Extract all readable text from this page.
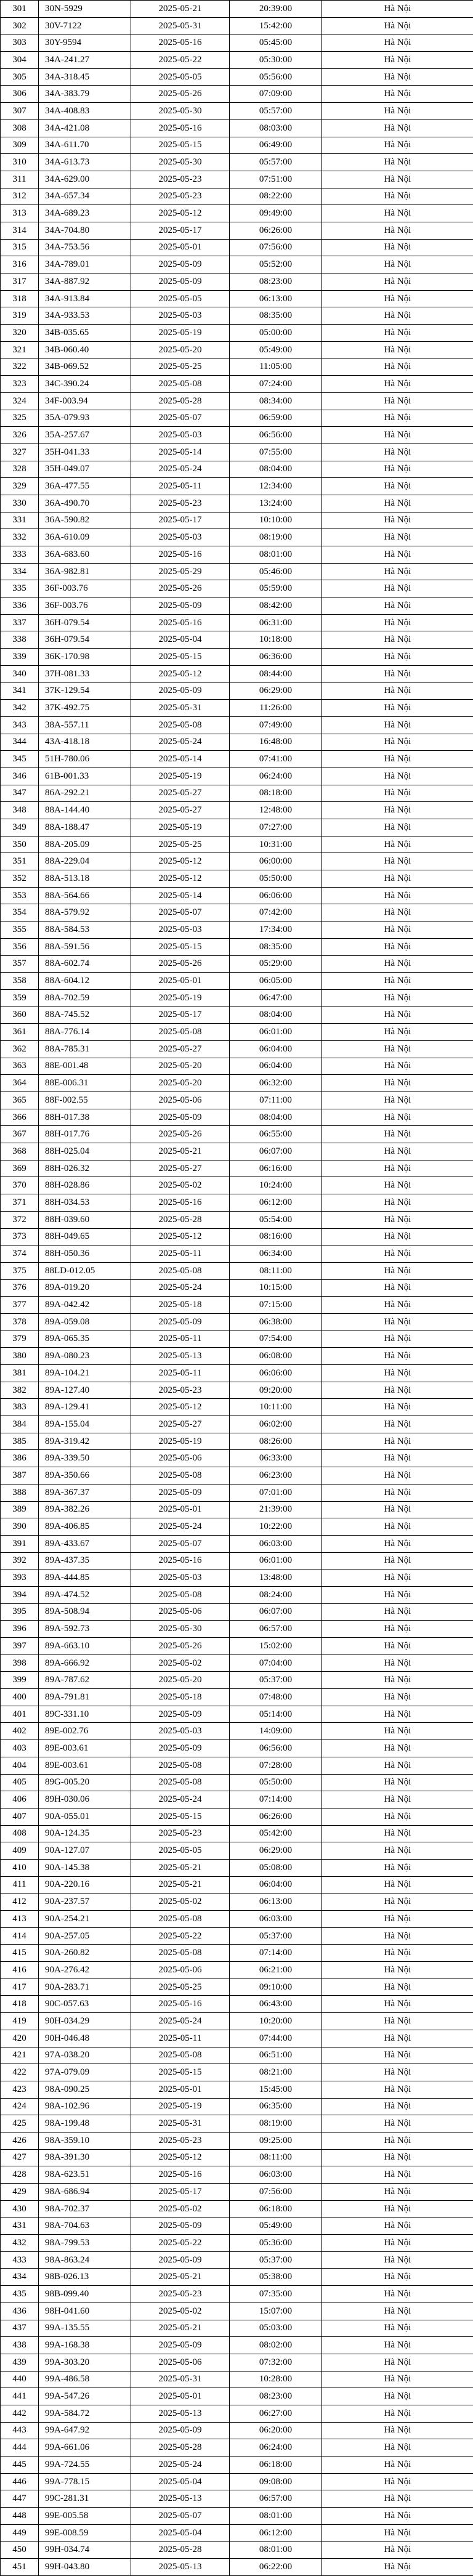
301	30N-5929	2025-05-21	20:39:00	Hà Nội
302	30V-7122	2025-05-31	15:42:00	Hà Nội
303	30Y-9594	2025-05-16	05:45:00	Hà Nội
304	34A-241.27	2025-05-22	05:30:00	Hà Nội
305	34A-318.45	2025-05-05	05:56:00	Hà Nội
306	34A-383.79	2025-05-26	07:09:00	Hà Nội
307	34A-408.83	2025-05-30	05:57:00	Hà Nội
308	34A-421.08	2025-05-16	08:03:00	Hà Nội
309	34A-611.70	2025-05-15	06:49:00	Hà Nội
310	34A-613.73	2025-05-30	05:57:00	Hà Nội
311	34A-629.00	2025-05-23	07:51:00	Hà Nội
312	34A-657.34	2025-05-23	08:22:00	Hà Nội
313	34A-689.23	2025-05-12	09:49:00	Hà Nội
314	34A-704.80	2025-05-17	06:26:00	Hà Nội
315	34A-753.56	2025-05-01	07:56:00	Hà Nội
316	34A-789.01	2025-05-09	05:52:00	Hà Nội
317	34A-887.92	2025-05-09	08:23:00	Hà Nội
318	34A-913.84	2025-05-05	06:13:00	Hà Nội
319	34A-933.53	2025-05-03	08:35:00	Hà Nội
320	34B-035.65	2025-05-19	05:00:00	Hà Nội
321	34B-060.40	2025-05-20	05:49:00	Hà Nội
322	34B-069.52	2025-05-25	11:05:00	Hà Nội
323	34C-390.24	2025-05-08	07:24:00	Hà Nội
324	34F-003.94	2025-05-28	08:34:00	Hà Nội
325	35A-079.93	2025-05-07	06:59:00	Hà Nội
326	35A-257.67	2025-05-03	06:56:00	Hà Nội
327	35H-041.33	2025-05-14	07:55:00	Hà Nội
328	35H-049.07	2025-05-24	08:04:00	Hà Nội
329	36A-477.55	2025-05-11	12:34:00	Hà Nội
330	36A-490.70	2025-05-23	13:24:00	Hà Nội
331	36A-590.82	2025-05-17	10:10:00	Hà Nội
332	36A-610.09	2025-05-03	08:19:00	Hà Nội
333	36A-683.60	2025-05-16	08:01:00	Hà Nội
334	36A-982.81	2025-05-29	05:46:00	Hà Nội
335	36F-003.76	2025-05-26	05:59:00	Hà Nội
336	36F-003.76	2025-05-09	08:42:00	Hà Nội
337	36H-079.54	2025-05-16	06:31:00	Hà Nội
338	36H-079.54	2025-05-04	10:18:00	Hà Nội
339	36K-170.98	2025-05-15	06:36:00	Hà Nội
340	37H-081.33	2025-05-12	08:44:00	Hà Nội
341	37K-129.54	2025-05-09	06:29:00	Hà Nội
342	37K-492.75	2025-05-31	11:26:00	Hà Nội
343	38A-557.11	2025-05-08	07:49:00	Hà Nội
344	43A-418.18	2025-05-24	16:48:00	Hà Nội
345	51H-780.06	2025-05-14	07:41:00	Hà Nội
346	61B-001.33	2025-05-19	06:24:00	Hà Nội
347	86A-292.21	2025-05-27	08:18:00	Hà Nội
348	88A-144.40	2025-05-27	12:48:00	Hà Nội
349	88A-188.47	2025-05-19	07:27:00	Hà Nội
350	88A-205.09	2025-05-25	10:31:00	Hà Nội
351	88A-229.04	2025-05-12	06:00:00	Hà Nội
352	88A-513.18	2025-05-12	05:50:00	Hà Nội
353	88A-564.66	2025-05-14	06:06:00	Hà Nội
354	88A-579.92	2025-05-07	07:42:00	Hà Nội
355	88A-584.53	2025-05-03	17:34:00	Hà Nội
356	88A-591.56	2025-05-15	08:35:00	Hà Nội
357	88A-602.74	2025-05-26	05:29:00	Hà Nội
358	88A-604.12	2025-05-01	06:05:00	Hà Nội
359	88A-702.59	2025-05-19	06:47:00	Hà Nội
360	88A-745.52	2025-05-17	08:04:00	Hà Nội
361	88A-776.14	2025-05-08	06:01:00	Hà Nội
362	88A-785.31	2025-05-27	06:04:00	Hà Nội
363	88E-001.48	2025-05-20	06:04:00	Hà Nội
364	88E-006.31	2025-05-20	06:32:00	Hà Nội
365	88F-002.55	2025-05-06	07:11:00	Hà Nội
366	88H-017.38	2025-05-09	08:04:00	Hà Nội
367	88H-017.76	2025-05-26	06:55:00	Hà Nội
368	88H-025.04	2025-05-21	06:07:00	Hà Nội
369	88H-026.32	2025-05-27	06:16:00	Hà Nội
370	88H-028.86	2025-05-02	10:24:00	Hà Nội
371	88H-034.53	2025-05-16	06:12:00	Hà Nội
372	88H-039.60	2025-05-28	05:54:00	Hà Nội
373	88H-049.65	2025-05-12	08:16:00	Hà Nội
374	88H-050.36	2025-05-11	06:34:00	Hà Nội
375	88LD-012.05	2025-05-08	08:11:00	Hà Nội
376	89A-019.20	2025-05-24	10:15:00	Hà Nội
377	89A-042.42	2025-05-18	07:15:00	Hà Nội
378	89A-059.08	2025-05-09	06:38:00	Hà Nội
379	89A-065.35	2025-05-11	07:54:00	Hà Nội
380	89A-080.23	2025-05-13	06:08:00	Hà Nội
381	89A-104.21	2025-05-11	06:06:00	Hà Nội
382	89A-127.40	2025-05-23	09:20:00	Hà Nội
383	89A-129.41	2025-05-12	10:11:00	Hà Nội
384	89A-155.04	2025-05-27	06:02:00	Hà Nội
385	89A-319.42	2025-05-19	08:26:00	Hà Nội
386	89A-339.50	2025-05-06	06:33:00	Hà Nội
387	89A-350.66	2025-05-08	06:23:00	Hà Nội
388	89A-367.37	2025-05-09	07:01:00	Hà Nội
389	89A-382.26	2025-05-01	21:39:00	Hà Nội
390	89A-406.85	2025-05-24	10:22:00	Hà Nội
391	89A-433.67	2025-05-07	06:03:00	Hà Nội
392	89A-437.35	2025-05-16	06:01:00	Hà Nội
393	89A-444.85	2025-05-03	13:48:00	Hà Nội
394	89A-474.52	2025-05-08	08:24:00	Hà Nội
395	89A-508.94	2025-05-06	06:07:00	Hà Nội
396	89A-592.73	2025-05-30	06:57:00	Hà Nội
397	89A-663.10	2025-05-26	15:02:00	Hà Nội
398	89A-666.92	2025-05-02	07:04:00	Hà Nội
399	89A-787.62	2025-05-20	05:37:00	Hà Nội
400	89A-791.81	2025-05-18	07:48:00	Hà Nội
401	89C-331.10	2025-05-09	05:14:00	Hà Nội
402	89E-002.76	2025-05-03	14:09:00	Hà Nội
403	89E-003.61	2025-05-09	06:56:00	Hà Nội
404	89E-003.61	2025-05-08	07:28:00	Hà Nội
405	89G-005.20	2025-05-08	05:50:00	Hà Nội
406	89H-030.06	2025-05-24	07:14:00	Hà Nội
407	90A-055.01	2025-05-15	06:26:00	Hà Nội
408	90A-124.35	2025-05-23	05:42:00	Hà Nội
409	90A-127.07	2025-05-05	06:29:00	Hà Nội
410	90A-145.38	2025-05-21	05:08:00	Hà Nội
411	90A-220.16	2025-05-21	06:04:00	Hà Nội
412	90A-237.57	2025-05-02	06:13:00	Hà Nội
413	90A-254.21	2025-05-08	06:03:00	Hà Nội
414	90A-257.05	2025-05-22	05:37:00	Hà Nội
415	90A-260.82	2025-05-08	07:14:00	Hà Nội
416	90A-276.42	2025-05-06	06:21:00	Hà Nội
417	90A-283.71	2025-05-25	09:10:00	Hà Nội
418	90C-057.63	2025-05-16	06:43:00	Hà Nội
419	90H-034.29	2025-05-24	10:20:00	Hà Nội
420	90H-046.48	2025-05-11	07:44:00	Hà Nội
421	97A-038.20	2025-05-08	06:51:00	Hà Nội
422	97A-079.09	2025-05-15	08:21:00	Hà Nội
423	98A-090.25	2025-05-01	15:45:00	Hà Nội
424	98A-102.96	2025-05-19	06:35:00	Hà Nội
425	98A-199.48	2025-05-31	08:19:00	Hà Nội
426	98A-359.10	2025-05-23	09:25:00	Hà Nội
427	98A-391.30	2025-05-12	08:11:00	Hà Nội
428	98A-623.51	2025-05-16	06:03:00	Hà Nội
429	98A-686.94	2025-05-17	07:56:00	Hà Nội
430	98A-702.37	2025-05-02	06:18:00	Hà Nội
431	98A-704.63	2025-05-09	05:49:00	Hà Nội
432	98A-799.53	2025-05-22	05:36:00	Hà Nội
433	98A-863.24	2025-05-09	05:37:00	Hà Nội
434	98B-026.13	2025-05-21	05:38:00	Hà Nội
435	98B-099.40	2025-05-23	07:35:00	Hà Nội
436	98H-041.60	2025-05-02	15:07:00	Hà Nội
437	99A-135.55	2025-05-21	05:03:00	Hà Nội
438	99A-168.38	2025-05-09	08:02:00	Hà Nội
439	99A-303.20	2025-05-06	07:32:00	Hà Nội
440	99A-486.58	2025-05-31	10:28:00	Hà Nội
441	99A-547.26	2025-05-01	08:23:00	Hà Nội
442	99A-584.72	2025-05-13	06:27:00	Hà Nội
443	99A-647.92	2025-05-09	06:20:00	Hà Nội
444	99A-661.06	2025-05-28	06:24:00	Hà Nội
445	99A-724.55	2025-05-24	06:18:00	Hà Nội
446	99A-778.15	2025-05-04	09:08:00	Hà Nội
447	99C-281.31	2025-05-13	06:57:00	Hà Nội
448	99E-005.58	2025-05-07	08:01:00	Hà Nội
449	99E-008.59	2025-05-04	06:12:00	Hà Nội
450	99H-034.74	2025-05-28	08:01:00	Hà Nội
451	99H-043.80	2025-05-13	06:22:00	Hà Nội
